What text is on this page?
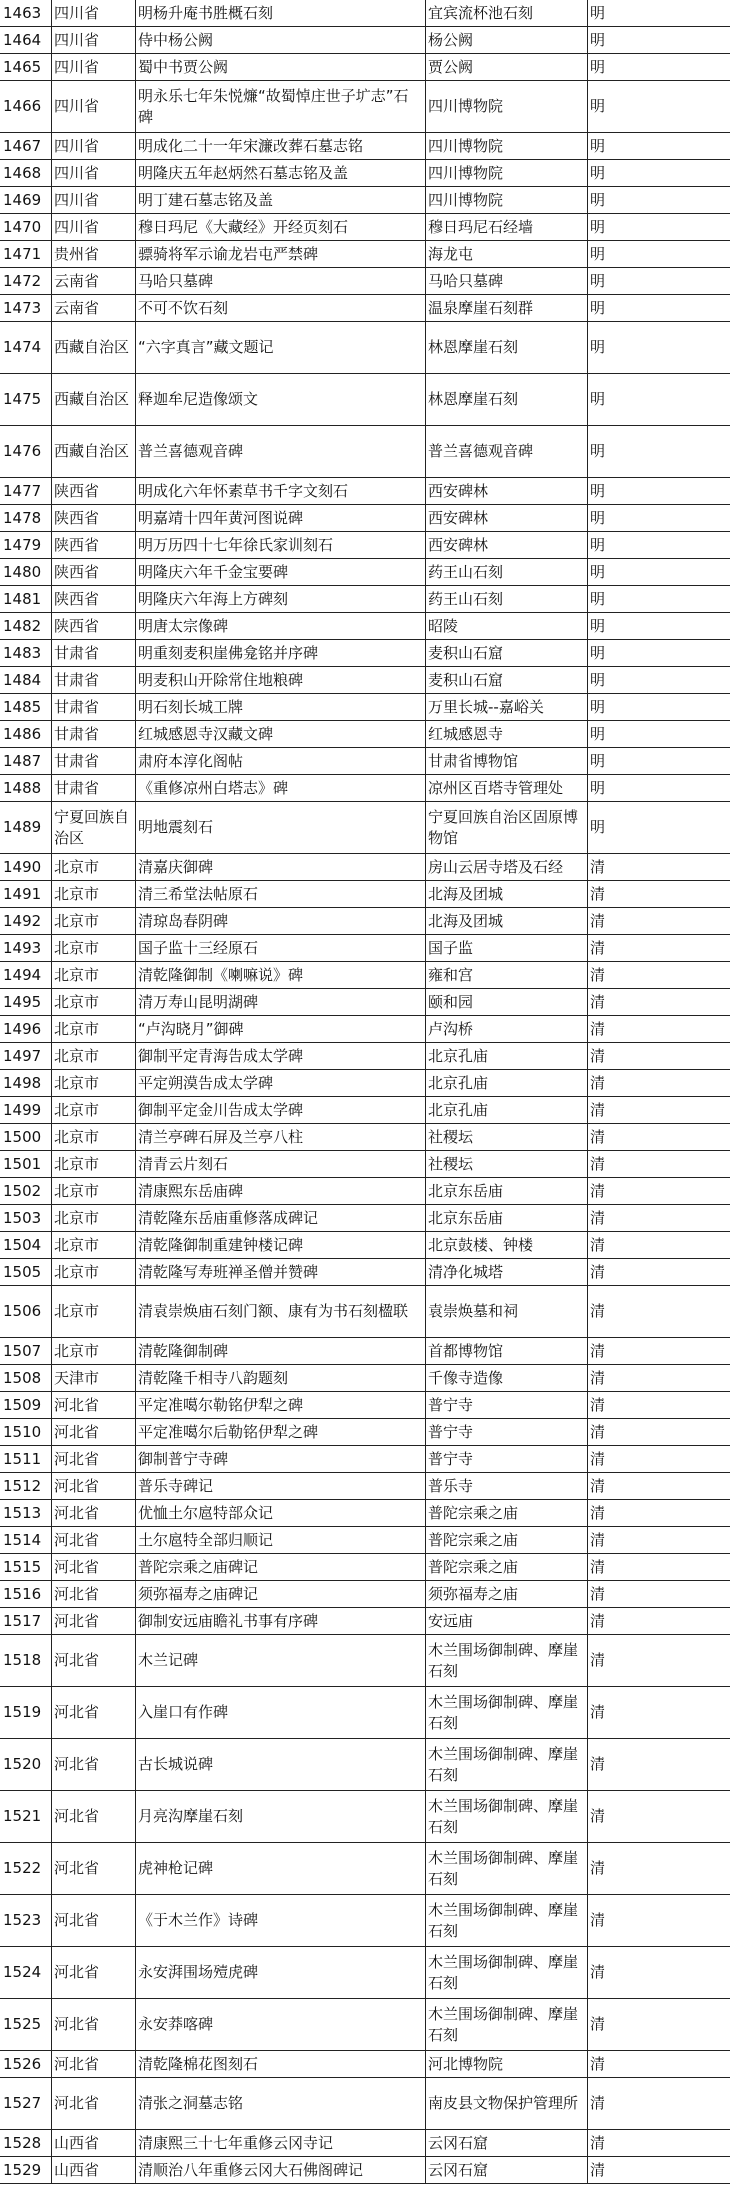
1463	四川省	明杨升庵书胜概石刻	宜宾流杯池石刻	明
1464	四川省	侍中杨公阙	杨公阙	明
1465	四川省	蜀中书贾公阙	贾公阙	明
1466	四川省	明永乐七年朱悦燫“故蜀悼庄世子圹志”石碑	四川博物院	明
1467	四川省	明成化二十一年宋濂改葬石墓志铭	四川博物院	明
1468	四川省	明隆庆五年赵炳然石墓志铭及盖	四川博物院	明
1469	四川省	明丁建石墓志铭及盖	四川博物院	明
1470	四川省	穆日玛尼《大藏经》开经页刻石	穆日玛尼石经墙	明
1471	贵州省	骠骑将军示谕龙岩屯严禁碑	海龙屯	明
1472	云南省	马哈只墓碑	马哈只墓碑	明
1473	云南省	不可不饮石刻	温泉摩崖石刻群	明
1474	西藏自治区	“六字真言”藏文题记	林恩摩崖石刻	明
1475	西藏自治区	释迦牟尼造像颂文	林恩摩崖石刻	明
1476	西藏自治区	普兰喜德观音碑	普兰喜德观音碑	明
1477	陕西省	明成化六年怀素草书千字文刻石	西安碑林	明
1478	陕西省	明嘉靖十四年黄河图说碑	西安碑林	明
1479	陕西省	明万历四十七年徐氏家训刻石	西安碑林	明
1480	陕西省	明隆庆六年千金宝要碑	药王山石刻	明
1481	陕西省	明隆庆六年海上方碑刻	药王山石刻	明
1482	陕西省	明唐太宗像碑	昭陵	明
1483	甘肃省	明重刻麦积崖佛龛铭并序碑	麦积山石窟	明
1484	甘肃省	明麦积山开除常住地粮碑	麦积山石窟	明
1485	甘肃省	明石刻长城工牌	万里长城--嘉峪关	明
1486	甘肃省	红城感恩寺汉藏文碑	红城感恩寺	明
1487	甘肃省	肃府本淳化阁帖	甘肃省博物馆	明
1488	甘肃省	《重修凉州白塔志》碑	凉州区百塔寺管理处	明
1489	宁夏回族自治区	明地震刻石	宁夏回族自治区固原博物馆	明
1490	北京市	清嘉庆御碑	房山云居寺塔及石经	清
1491	北京市	清三希堂法帖原石	北海及团城	清
1492	北京市	清琼岛春阴碑	北海及团城	清
1493	北京市	国子监十三经原石	国子监	清
1494	北京市	清乾隆御制《喇嘛说》碑	雍和宫	清
1495	北京市	清万寿山昆明湖碑	颐和园	清
1496	北京市	“卢沟晓月”御碑	卢沟桥	清
1497	北京市	御制平定青海告成太学碑	北京孔庙	清
1498	北京市	平定朔漠告成太学碑	北京孔庙	清
1499	北京市	御制平定金川告成太学碑	北京孔庙	清
1500	北京市	清兰亭碑石屏及兰亭八柱	社稷坛	清
1501	北京市	清青云片刻石	社稷坛	清
1502	北京市	清康熙东岳庙碑	北京东岳庙	清
1503	北京市	清乾隆东岳庙重修落成碑记	北京东岳庙	清
1504	北京市	清乾隆御制重建钟楼记碑	北京鼓楼、钟楼	清
1505	北京市	清乾隆写寿班禅圣僧并赞碑	清净化城塔	清
1506	北京市	清袁崇焕庙石刻门额、康有为书石刻楹联	袁崇焕墓和祠	清
1507	北京市	清乾隆御制碑	首都博物馆	清
1508	天津市	清乾隆千相寺八韵题刻	千像寺造像	清
1509	河北省	平定准噶尔勒铭伊犁之碑	普宁寺	清
1510	河北省	平定准噶尔后勒铭伊犁之碑	普宁寺	清
1511	河北省	御制普宁寺碑	普宁寺	清
1512	河北省	普乐寺碑记	普乐寺	清
1513	河北省	优恤土尔扈特部众记	普陀宗乘之庙	清
1514	河北省	土尔扈特全部归顺记	普陀宗乘之庙	清
1515	河北省	普陀宗乘之庙碑记	普陀宗乘之庙	清
1516	河北省	须弥福寿之庙碑记	须弥福寿之庙	清
1517	河北省	御制安远庙瞻礼书事有序碑	安远庙	清
1518	河北省	木兰记碑	木兰围场御制碑、摩崖石刻	清
1519	河北省	入崖口有作碑	木兰围场御制碑、摩崖石刻	清
1520	河北省	古长城说碑	木兰围场御制碑、摩崖石刻	清
1521	河北省	月亮沟摩崖石刻	木兰围场御制碑、摩崖石刻	清
1522	河北省	虎神枪记碑	木兰围场御制碑、摩崖石刻	清
1523	河北省	《于木兰作》诗碑	木兰围场御制碑、摩崖石刻	清
1524	河北省	永安湃围场殪虎碑	木兰围场御制碑、摩崖石刻	清
1525	河北省	永安莽喀碑	木兰围场御制碑、摩崖石刻	清
1526	河北省	清乾隆棉花图刻石	河北博物院	清
1527	河北省	清张之洞墓志铭	南皮县文物保护管理所	清
1528	山西省	清康熙三十七年重修云冈寺记	云冈石窟	清
1529	山西省	清顺治八年重修云冈大石佛阁碑记	云冈石窟	清
